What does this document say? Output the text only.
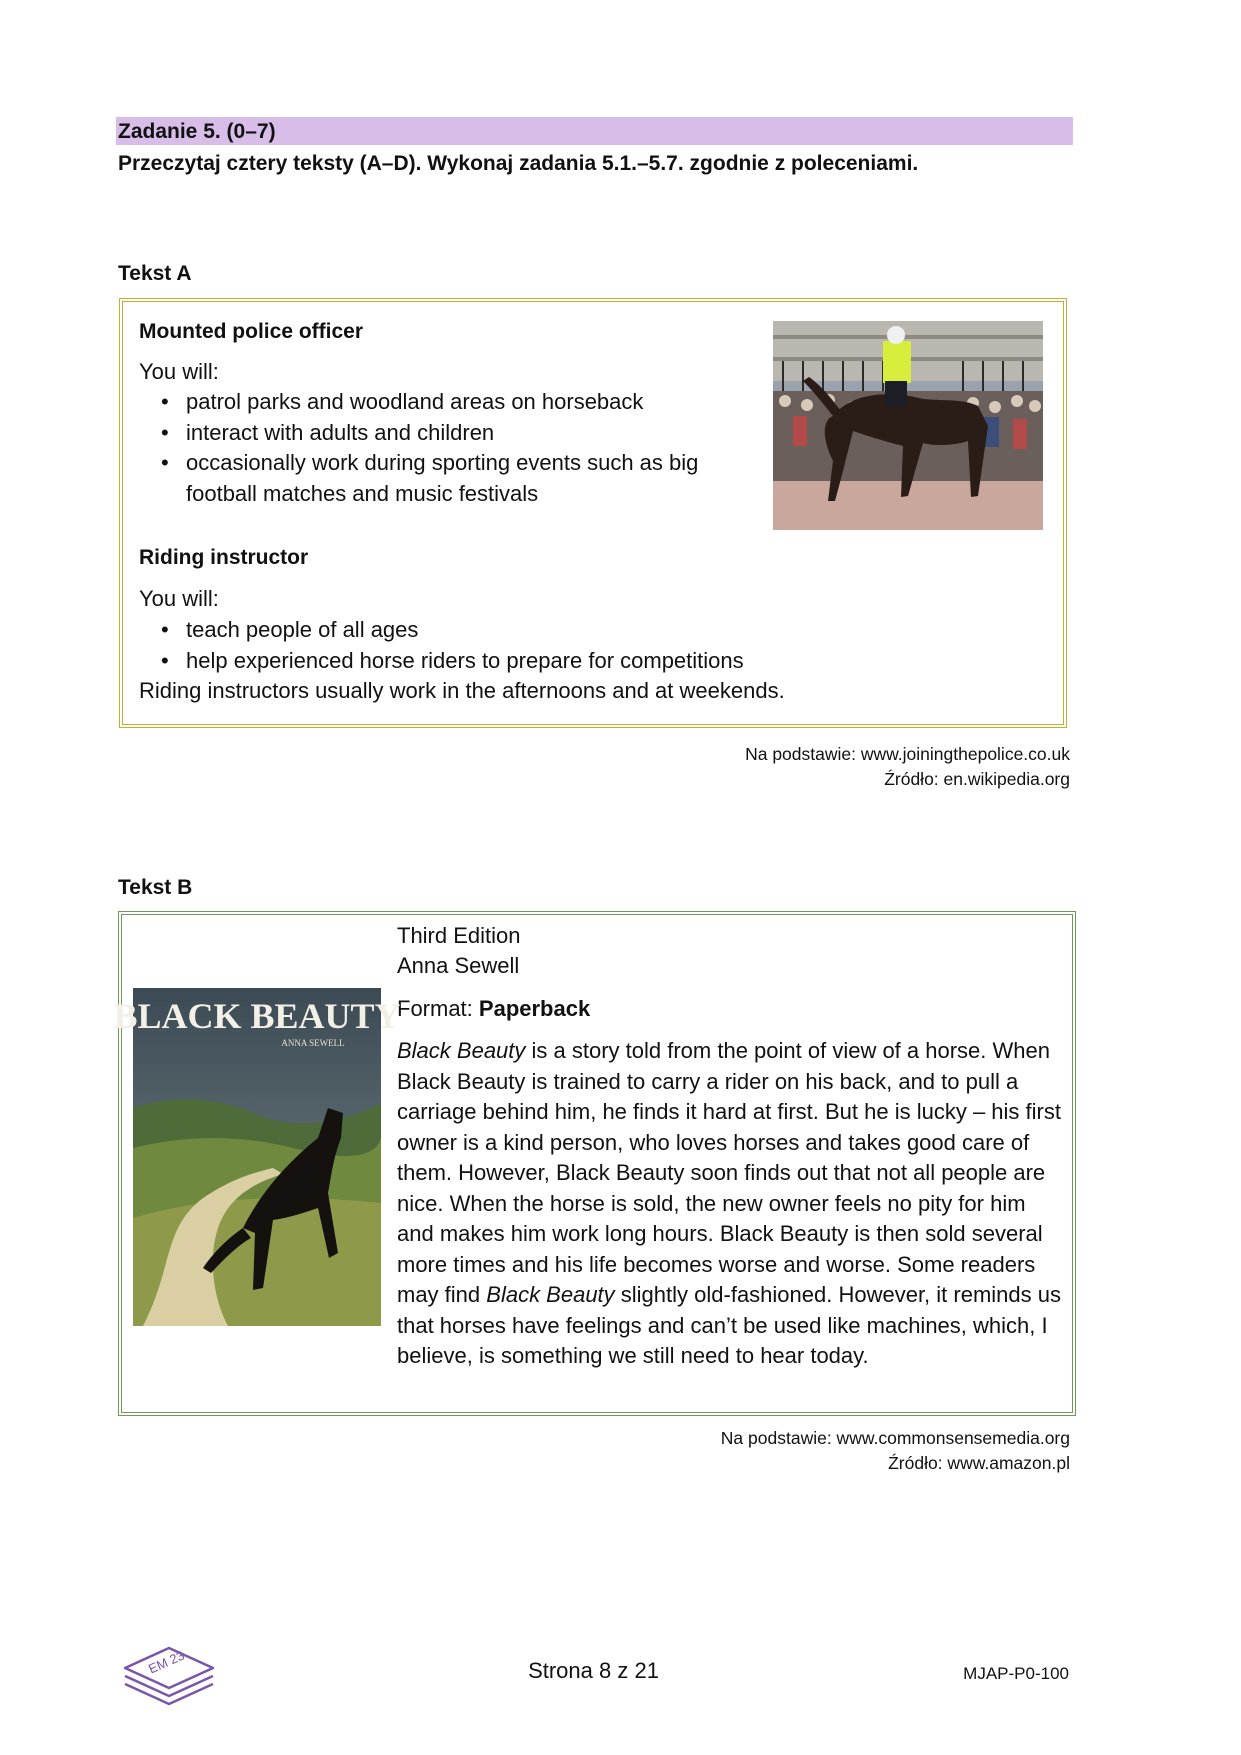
Zadanie 5. (0–7)
Przeczytaj cztery teksty (A–D). Wykonaj zadania 5.1.–5.7. zgodnie z poleceniami.
Tekst A
Mounted police officer
You will:
• patrol parks and woodland areas on horseback
• interact with adults and children
• occasionally work during sporting events such as big football matches and music festivals
Riding instructor
You will:
• teach people of all ages
• help experienced horse riders to prepare for competitions
Riding instructors usually work in the afternoons and at weekends.
Na podstawie: www.joiningthepolice.co.uk
Źródło: en.wikipedia.org
Tekst B
Third Edition
Anna Sewell
Format: Paperback
Black Beauty is a story told from the point of view of a horse. When Black Beauty is trained to carry a rider on his back, and to pull a carriage behind him, he finds it hard at first. But he is lucky – his first owner is a kind person, who loves horses and takes good care of them. However, Black Beauty soon finds out that not all people are nice. When the horse is sold, the new owner feels no pity for him and makes him work long hours. Black Beauty is then sold several more times and his life becomes worse and worse. Some readers may find Black Beauty slightly old-fashioned. However, it reminds us that horses have feelings and can’t be used like machines, which, I believe, is something we still need to hear today.
BLACK BEAUTY
ANNA SEWELL
Na podstawie: www.commonsensemedia.org
Źródło: www.amazon.pl
EM 23	Strona 8 z 21	MJAP-P0-100
